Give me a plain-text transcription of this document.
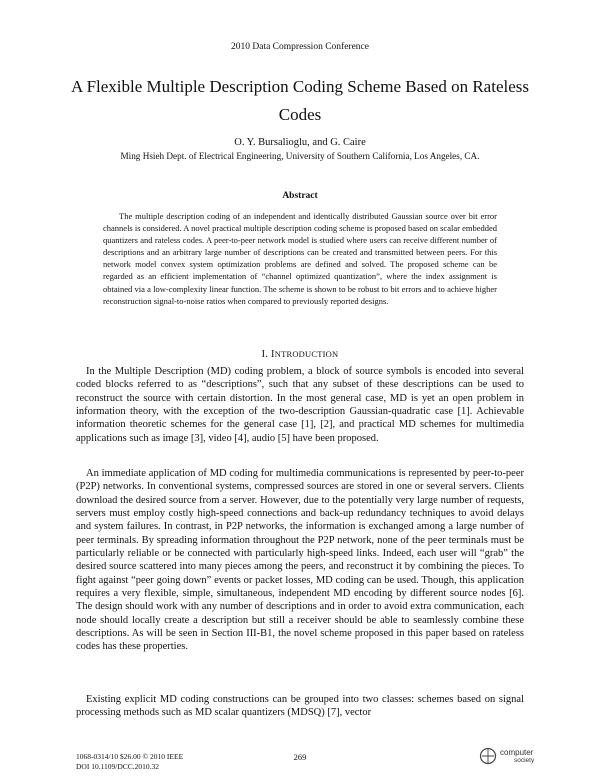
2010 Data Compression Conference
A Flexible Multiple Description Coding Scheme Based on Rateless Codes
O. Y. Bursalioglu, and G. Caire
Ming Hsieh Dept. of Electrical Engineering, University of Southern California, Los Angeles, CA.
Abstract

The multiple description coding of an independent and identically distributed Gaussian source over bit error channels is considered. A novel practical multiple description coding scheme is proposed based on scalar embedded quantizers and rateless codes. A peer-to-peer network model is studied where users can receive different number of descriptions and an arbitrary large number of descriptions can be created and transmitted between peers. For this network model convex system optimization problems are defined and solved. The proposed scheme can be regarded as an efficient implementation of “channel optimized quantization”, where the index assignment is obtained via a low-complexity linear function. The scheme is shown to be robust to bit errors and to achieve higher reconstruction signal-to-noise ratios when compared to previously reported designs.

I. INTRODUCTION

In the Multiple Description (MD) coding problem, a block of source symbols is encoded into several coded blocks referred to as “descriptions”, such that any subset of these descriptions can be used to reconstruct the source with certain distortion. In the most general case, MD is yet an open problem in information theory, with the exception of the two-description Gaussian-quadratic case [1]. Achievable information theoretic schemes for the general case [1], [2], and practical MD schemes for multimedia applications such as image [3], video [4], audio [5] have been proposed.

An immediate application of MD coding for multimedia communications is represented by peer-to-peer (P2P) networks. In conventional systems, compressed sources are stored in one or several servers. Clients download the desired source from a server. However, due to the potentially very large number of requests, servers must employ costly high-speed connections and back-up redundancy techniques to avoid delays and system failures. In contrast, in P2P networks, the information is exchanged among a large number of peer terminals. By spreading information throughout the P2P network, none of the peer terminals must be particularly reliable or be connected with particularly high-speed links. Indeed, each user will “grab” the desired source scattered into many pieces among the peers, and reconstruct it by combining the pieces. To fight against “peer going down” events or packet losses, MD coding can be used. Though, this application requires a very flexible, simple, simultaneous, independent MD encoding by different source nodes [6]. The design should work with any number of descriptions and in order to avoid extra communication, each node should locally create a description but still a receiver should be able to seamlessly combine these descriptions. As will be seen in Section III-B1, the novel scheme proposed in this paper based on rateless codes has these properties.

Existing explicit MD coding constructions can be grouped into two classes: schemes based on signal processing methods such as MD scalar quantizers (MDSQ) [7], vector

1068-0314/10 $26.00 © 2010 IEEE
DOI 10.1109/DCC.2010.32
269	computer
society
